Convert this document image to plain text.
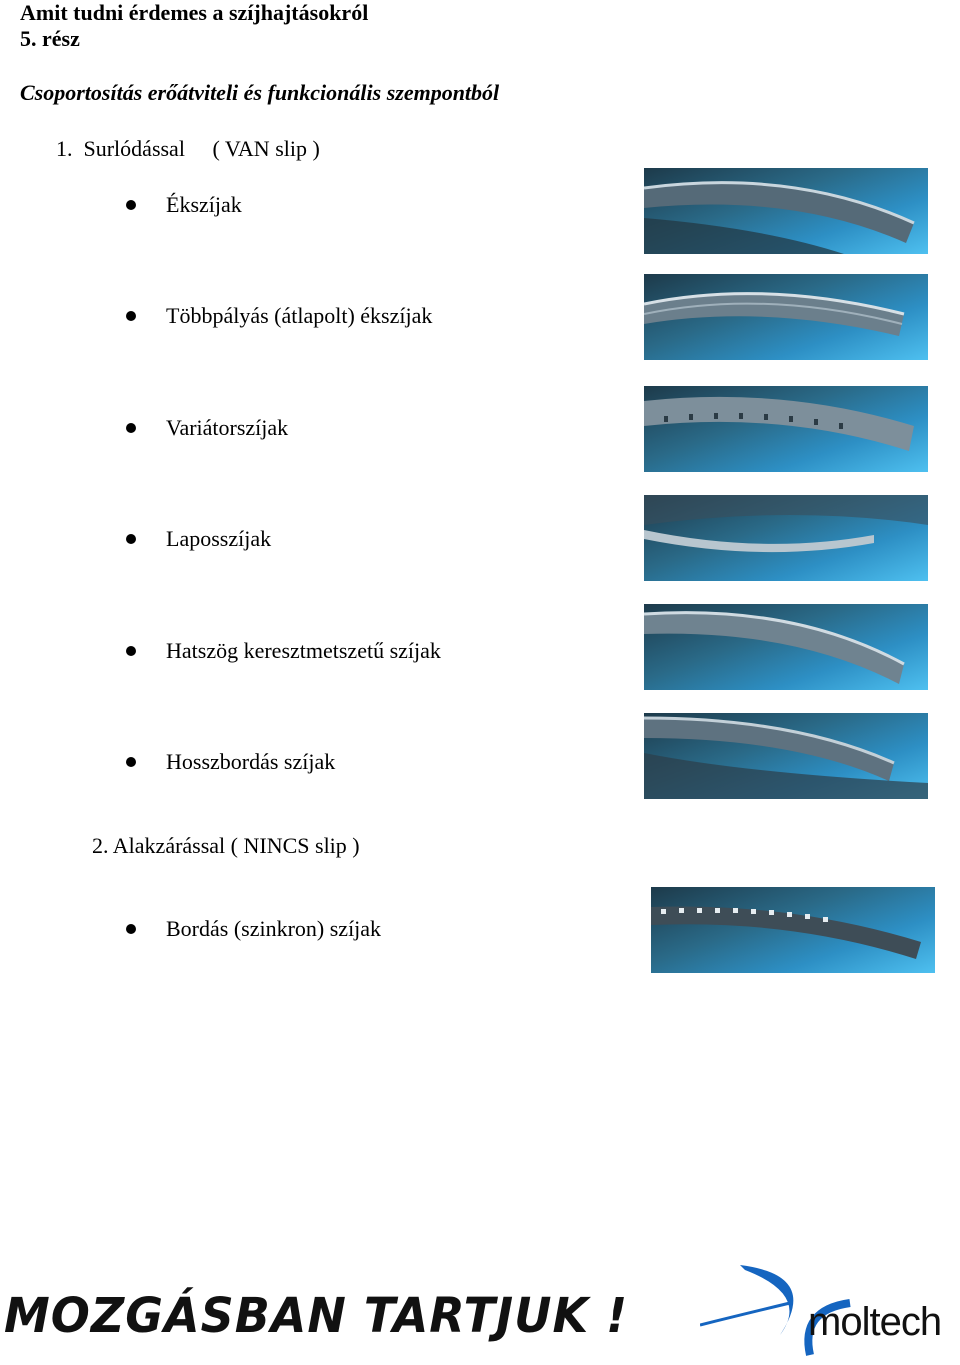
Amit tudni érdemes a szíjhajtásokról
5. rész
Csoportosítás erőátviteli és funkcionális szempontból
1.  Surlódással     ( VAN slip )
Ékszíjak
Többpályás (átlapolt) ékszíjak
Variátorszíjak
Laposszíjak
Hatszög keresztmetszetű szíjak
Hosszbordás szíjak
2. Alakzárással ( NINCS slip )
Bordás (szinkron) szíjak
MOZGÁSBAN TARTJUK !	moltech
